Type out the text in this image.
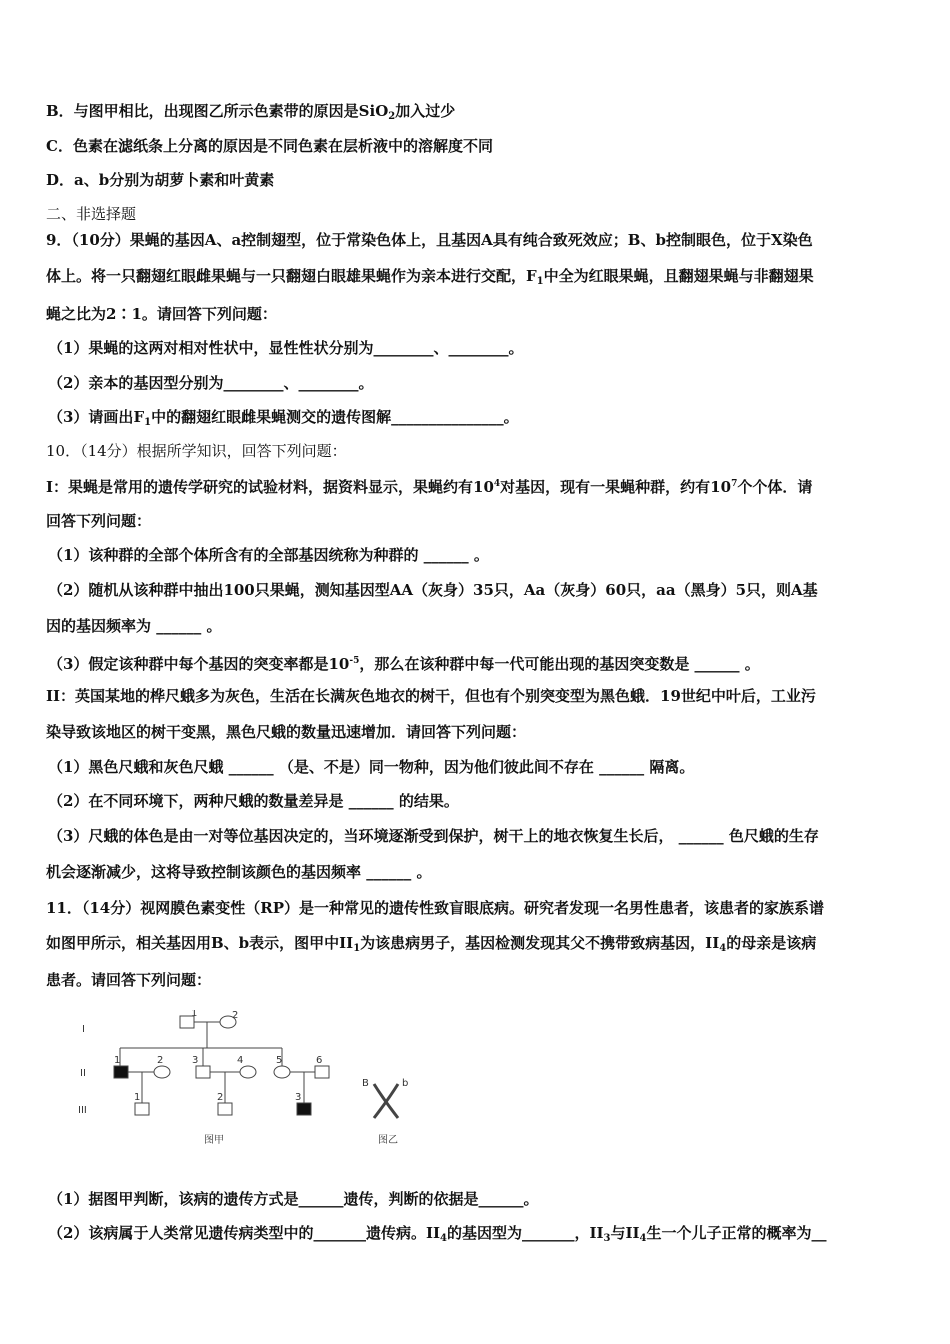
B．与图甲相比，出现图乙所示色素带的原因是SiO$_2$加入过少
C．色素在滤纸条上分离的原因是不同色素在层析液中的溶解度不同
D．a、b分别为胡萝卜素和叶黄素
二、非选择题
9．（10分）果蝇的基因A、a控制翅型，位于常染色体上，且基因A具有纯合致死效应；B、b控制眼色，位于X染色
体上。将一只翻翅红眼雌果蝇与一只翻翅白眼雄果蝇作为亲本进行交配，$F_1$中全为红眼果蝇，且翻翅果蝇与非翻翅果
蝇之比为2∶1。请回答下列问题：
（1）果蝇的这两对相对性状中，显性性状分别为________、________。
（2）亲本的基因型分别为________、________。
（3）请画出$F_1$中的翻翅红眼雌果蝇测交的遗传图解_______________。
10．（14分）根据所学知识，回答下列问题：
I：果蝇是常用的遗传学研究的试验材料，据资料显示，果蝇约有$10^4$对基因，现有一果蝇种群，约有$10^7$个个体．请
回答下列问题：
（1）该种群的全部个体所含有的全部基因统称为种群的 ______ 。
（2）随机从该种群中抽出100只果蝇，测知基因型AA（灰身）35只，Aa（灰身）60只，aa（黑身）5只，则A基
因的基因频率为 ______ 。
（3）假定该种群中每个基因的突变率都是$10^{-5}$，那么在该种群中每一代可能出现的基因突变数是 ______ 。
II：英国某地的桦尺蛾多为灰色，生活在长满灰色地衣的树干，但也有个别突变型为黑色蛾．19世纪中叶后，工业污
染导致该地区的树干变黑，黑色尺蛾的数量迅速增加．请回答下列问题：
（1）黑色尺蛾和灰色尺蛾 ______ （是、不是）同一物种，因为他们彼此间不存在 ______ 隔离。
（2）在不同环境下，两种尺蛾的数量差异是 ______ 的结果。
（3）尺蛾的体色是由一对等位基因决定的，当环境逐渐受到保护，树干上的地衣恢复生长后， ______ 色尺蛾的生存
机会逐渐减少，这将导致控制该颜色的基因频率 ______ 。
11．（14分）视网膜色素变性（RP）是一种常见的遗传性致盲眼底病。研究者发现一名男性患者，该患者的家族系谱
如图甲所示，相关基因用B、b表示，图甲中$II_1$为该患病男子，基因检测发现其父不携带致病基因，$II_4$的母亲是该病
患者。请回答下列问题：
（1）据图甲判断，该病的遗传方式是______遗传，判断的依据是______。
（2）该病属于人类常见遗传病类型中的_______遗传病。$II_4$的基因型为_______，$II_3$与$II_4$生一个儿子正常的概率为__
I
II
III
1	2
1	2	3	4	5	6
1	2	3
B	b
图甲	图乙
